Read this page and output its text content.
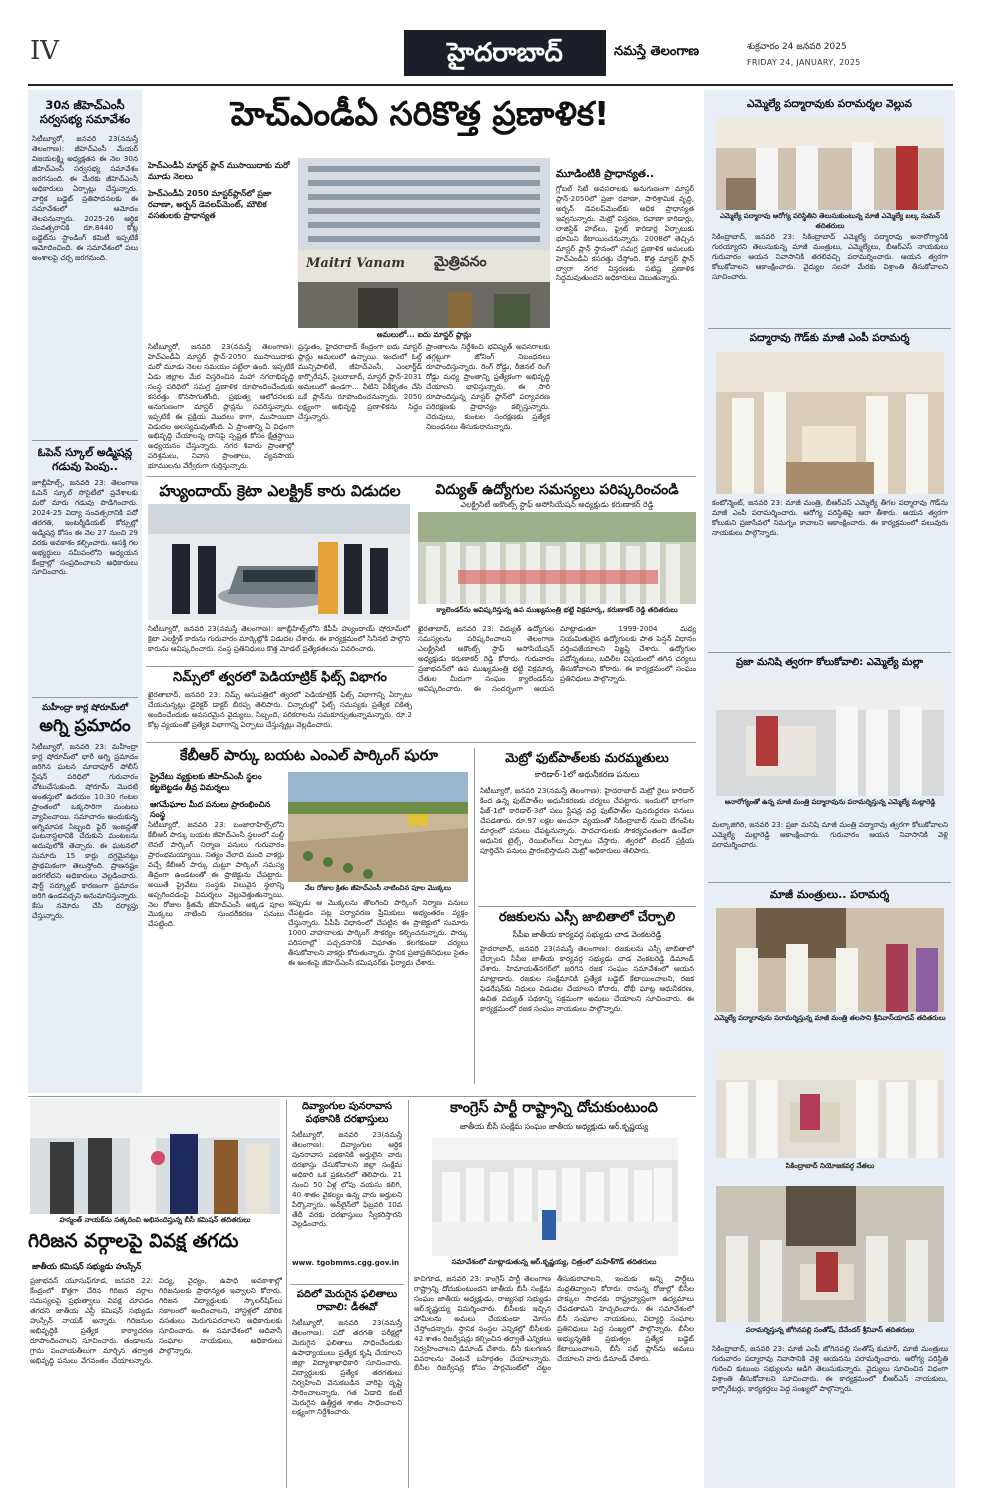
IV	హైదరాబాద్	నమస్తే తెలంగాణ	శుక్రవారం 24 జనవరి 2025
FRIDAY 24, JANUARY, 2025
30న జీహెచ్‌ఎంసీ సర్వసభ్య సమావేశం
సిటీబ్యూరో, జనవరి 23(నమస్తే తెలంగాణ): జీహెచ్‌ఎంసీ మేయర్ విజయలక్ష్మి అధ్యక్షతన ఈ నెల 30న జీహెచ్‌ఎంసీ సర్వసభ్య సమావేశం జరగనుంది. ఈ మేరకు జీహెచ్‌ఎంసీ అధికారులు ఏర్పాట్లు చేస్తున్నారు. వార్షిక బడ్జెట్ ప్రతిపాదనలకు ఈ సమావేశంలో ఆమోదం తెలపనున్నారు. 2025-26 ఆర్థిక సంవత్సరానికి రూ.8440 కోట్ల బడ్జెట్‌ను స్టాండింగ్ కమిటీ ఇప్పటికే ఆమోదించింది. ఈ సమావేశంలో పలు అంశాలపై చర్చ జరగనుంది.
ఓపెన్ స్కూల్ అడ్మిషన్ల గడువు పెంపు..
జూబ్లీహిల్స్, జనవరి 23: తెలంగాణ ఓపెన్ స్కూల్ సొసైటీలో ప్రవేశాలకు మరో మారు గడువు పొడిగించారు. 2024-25 విద్యా సంవత్సరానికి పదో తరగతి, ఇంటర్మీడియట్ కోర్సుల్లో అడ్మిషన్ల కోసం ఈ నెల 27 నుంచి 29 వరకు అవకాశం కల్పించారు. ఆసక్తి గల అభ్యర్థులు సమీపంలోని అధ్యయన కేంద్రాల్లో సంప్రదించాలని అధికారులు సూచించారు.
మహీంద్రా కార్ల షోరూమ్‌లో
అగ్ని ప్రమాదం
సిటీబ్యూరో, జనవరి 23: మహీంద్రా కార్ల షోరూమ్‌లో భారీ అగ్ని ప్రమాదం జరిగిన ఘటన మాదాపూర్ పోలీస్ స్టేషన్ పరిధిలో గురువారం చోటుచేసుకుంది. షోరూమ్ మొదటి అంతస్తులో ఉదయం 10.30 గంటల ప్రాంతంలో ఒక్కసారిగా మంటలు వ్యాపించాయి. సమాచారం అందుకున్న అగ్నిమాపక సిబ్బంది ఫైర్ ఇంజన్లతో ఘటనాస్థలానికి చేరుకుని మంటలను అదుపులోకి తెచ్చారు. ఈ ఘటనలో సుమారు 15 కార్లు దగ్ధమైనట్లు ప్రాథమికంగా తెలుస్తోంది. ప్రాణనష్టం జరగలేదని అధికారులు వెల్లడించారు. షార్ట్ సర్క్యూట్ కారణంగా ప్రమాదం జరిగి ఉండవచ్చని అనుమానిస్తున్నారు. కేసు నమోదు చేసి దర్యాప్తు చేస్తున్నారు.
హెచ్‌ఎండీఏ సరికొత్త ప్రణాళిక!
హెచ్‌ఎండీఏ మాస్టర్ ప్లాన్ ముసాయిదాకు మరో మూడు నెలలు
హెచ్‌ఎండీఏ 2050 మాస్టర్‌ప్లాన్‌లో ప్రజా రవాణా, అర్బన్ డెవలప్‌మెంట్, మౌలిక వసతులకు ప్రాధాన్యత
Maitri Vanam మైత్రివనం
అమలులో... ఐదు మాస్టర్ ప్లాన్లు
సిటీబ్యూరో, జనవరి 23(నమస్తే తెలంగాణ): హెచ్‌ఎండీఏ మాస్టర్ ప్లాన్-2050 ముసాయిదాకు మరో మూడు నెలల సమయం పట్టేలా ఉంది. ఇప్పటికే ఏడు జిల్లాల మేర విస్తరించిన మహా నగరాభివృద్ధి సంస్థ పరిధిలో సమగ్ర ప్రణాళిక రూపొందించేందుకు కసరత్తు కొనసాగుతోంది. ప్రభుత్వ ఆలోచనలకు అనుగుణంగా మాస్టర్ ప్లాన్లను సవరిస్తున్నారు. ఇప్పటికే ఈ ప్రక్రియ మొదలు కాగా, ముసాయిదా విడుదల ఆలస్యమవుతోంది. ఏ ప్రాంతాన్ని ఏ విధంగా అభివృద్ధి చేయాలన్న దానిపై స్పష్టత కోసం క్షేత్రస్థాయి అధ్యయనం చేస్తున్నారు. నగర శివారు ప్రాంతాల్లో పరిశ్రమలు, నివాస ప్రాంతాలు, వ్యవసాయ భూములను వేర్వేరుగా గుర్తిస్తున్నారు.
ప్రస్తుతం, హైదరాబాద్ కేంద్రంగా ఐదు మాస్టర్ ప్లాన్లు అమలులో ఉన్నాయి. ఇందులో ఓల్డ్ మున్సిపాలిటీ, జీహెచ్‌ఎంసీ, ఎంలార్జ్‌డ్ కార్పొరేషన్, సైబరాబాద్, మాస్టర్ ప్లాన్-2031 అమలులో ఉండగా... వీటిని ఏకీకృతం చేసి ఒకే ప్లాన్‌ను రూపొందించనున్నారు. 2050 లక్ష్యంగా అభివృద్ధి ప్రణాళికను సిద్ధం చేస్తున్నారు.
ప్రాంతాలను నిర్దేశించి భవిష్యత్ అవసరాలకు తగ్గట్టుగా జోనింగ్ నిబంధనలు రూపొందిస్తున్నారు. రింగ్ రోడ్డు, రీజినల్ రింగ్ రోడ్డు మధ్య ప్రాంతాన్ని ప్రత్యేకంగా అభివృద్ధి చేయాలని భావిస్తున్నారు. ఈ సారి రూపొందిస్తున్న మాస్టర్ ప్లాన్‌లో పర్యావరణ పరిరక్షణకు ప్రాధాన్యం కల్పిస్తున్నారు. చెరువులు, కుంటల సంరక్షణకు ప్రత్యేక నిబంధనలు తీసుకురానున్నారు.
మూడింటికి ప్రాధాన్యత..
గ్లోబల్ సిటీ అవసరాలకు అనుగుణంగా మాస్టర్ ప్లాన్-2050లో ప్రజా రవాణా, పారిశ్రామిక వృద్ధి, అర్బన్ డెవలప్‌మెంట్‌కు అధిక ప్రాధాన్యత ఇవ్వనున్నారు. మెట్రో విస్తరణ, రవాణా కారిడార్లు, లాజిస్టిక్ హబ్‌లు, ఫ్రైట్ కారిడార్ల ఏర్పాటుకు భూమిని కేటాయించనున్నారు. 2008లో తెచ్చిన మాస్టర్ ప్లాన్ స్థానంలో సమగ్ర ప్రణాళిక అమలుకు హెచ్‌ఎండీఏ కసరత్తు చేస్తోంది. కొత్త మాస్టర్ ప్లాన్ ద్వారా నగర విస్తరణకు పటిష్ట ప్రణాళిక సిద్ధమవుతుందని అధికారులు చెబుతున్నారు.
హ్యుందాయ్ క్రెటా ఎలక్ట్రిక్ కారు విడుదల
సిటీబ్యూరో, జనవరి 23(నమస్తే తెలంగాణ): జూబ్లీహిల్స్‌లోని కేపీపీ హ్యుందాయ్ షోరూమ్‌లో క్రెటా ఎలక్ట్రిక్ కారును గురువారం మార్కెట్లోకి విడుదల చేశారు. ఈ కార్యక్రమంలో సినీనటి పాల్గొని కారును ఆవిష్కరించారు. సంస్థ ప్రతినిధులు కొత్త మోడల్ ప్రత్యేకతలను వివరించారు.
విద్యుత్ ఉద్యోగుల సమస్యలు పరిష్కరించండి
ఎలక్ట్రిసిటీ అకౌంట్స్ స్టాఫ్ అసోసియేషన్ అధ్యక్షుడు కరుణాకర్ రెడ్డి
క్యాలెండర్‌ను ఆవిష్కరిస్తున్న ఉప ముఖ్యమంత్రి భట్టి విక్రమార్క, కరుణాకర్ రెడ్డి తదితరులు
ఖైరతాబాద్, జనవరి 23: విద్యుత్ ఉద్యోగుల సమస్యలను పరిష్కరించాలని తెలంగాణ ఎలక్ట్రిసిటీ అకౌంట్స్ స్టాఫ్ అసోసియేషన్ అధ్యక్షుడు కరుణాకర్ రెడ్డి కోరారు. గురువారం ప్రజాభవన్‌లో ఉప ముఖ్యమంత్రి భట్టి విక్రమార్క చేతుల మీదుగా సంఘం క్యాలెండర్‌ను ఆవిష్కరించారు. ఈ సందర్భంగా ఆయన మాట్లాడుతూ 1999-2004 మధ్య నియమితులైన ఉద్యోగులకు పాత పెన్షన్ విధానం వర్తింపజేయాలని విజ్ఞప్తి చేశారు. ఉద్యోగుల పదోన్నతులు, బదిలీల విషయంలో తగిన చర్యలు తీసుకోవాలని కోరారు. ఈ కార్యక్రమంలో సంఘం ప్రతినిధులు పాల్గొన్నారు.
నిమ్స్‌లో త్వరలో పెడియాట్రిక్ ఫిట్స్ విభాగం
ఖైరతాబాద్, జనవరి 23: నిమ్స్ ఆసుపత్రిలో త్వరలో పెడియాట్రిక్ ఫిట్స్ విభాగాన్ని ఏర్పాటు చేయనున్నట్లు డైరెక్టర్ డాక్టర్ బీరప్ప తెలిపారు. చిన్నారుల్లో ఫిట్స్ సమస్యకు ప్రత్యేక చికిత్స అందించేందుకు అవసరమైన వైద్యులు, సిబ్బంది, పరికరాలను సమకూర్చుతున్నామన్నారు. రూ.2 కోట్ల వ్యయంతో ప్రత్యేక విభాగాన్ని ఏర్పాటు చేస్తున్నట్లు వెల్లడించారు.
కేబీఆర్ పార్కు బయట ఎంఎల్ పార్కింగ్ షురూ
ప్రైవేటు వ్యక్తులకు జీహెచ్‌ఎంసీ స్థలం కట్టబెట్టడం తీవ్ర విమర్శలు
ఆగమేఘాల మీద పనులు ప్రారంభించిన సంస్థ
నేల రోజుల క్రితం జీహెచ్‌ఎంసీ నాటించిన పూల మొక్కలు
సిటీబ్యూరో, జనవరి 23: బంజారాహిల్స్‌లోని కేబీఆర్ పార్కు బయట జీహెచ్‌ఎంసీ స్థలంలో మల్టీ లెవల్ పార్కింగ్ నిర్మాణ పనులు గురువారం ప్రారంభమయ్యాయి. నిత్యం వేలాది మంది వాకర్లు వచ్చే కేబీఆర్ పార్కు చుట్టూ పార్కింగ్ సమస్య తీవ్రంగా ఉండటంతో ఈ ప్రాజెక్టును చేపట్టారు. అయితే ప్రైవేటు సంస్థకు విలువైన స్థలాన్ని అప్పగించడంపై విమర్శలు వెల్లువెత్తుతున్నాయి. నెల రోజుల క్రితమే జీహెచ్‌ఎంసీ అక్కడ పూల మొక్కలు నాటించి సుందరీకరణ పనులు చేపట్టింది.
ఇప్పుడు ఆ మొక్కలను తొలగించి పార్కింగ్ నిర్మాణ పనులు చేపట్టడం పట్ల పర్యావరణ ప్రేమికులు అభ్యంతరం వ్యక్తం చేస్తున్నారు. పీపీపీ విధానంలో చేపట్టిన ఈ ప్రాజెక్టులో సుమారు 1000 వాహనాలకు పార్కింగ్ సౌకర్యం కల్పించనున్నారు. పార్కు పరిసరాల్లో పచ్చదనానికి విఘాతం కలగకుండా చర్యలు తీసుకోవాలని వాకర్లు కోరుతున్నారు. స్థానిక ప్రజాప్రతినిధులు సైతం ఈ అంశంపై జీహెచ్‌ఎంసీ కమిషనర్‌కు ఫిర్యాదు చేశారు.
మెట్రో ఫుట్‌పాత్‌లకు మరమ్మతులు
కారిడార్-1లో అధునీకరణ పనులు
సిటీబ్యూరో, జనవరి 23(నమస్తే తెలంగాణ): హైదరాబాద్ మెట్రో రైలు కారిడార్ కింద ఉన్న ఫుట్‌పాత్‌ల అధునీకరణకు చర్యలు చేపట్టారు. ఇందులో భాగంగా ఫేజ్-1లో కారిడార్-3లో పలు స్టేషన్ల వద్ద ఫుట్‌పాత్‌ల పునరుద్ధరణ పనులు చేపడతారు. రూ.97 లక్షల అంచనా వ్యయంతో సికింద్రాబాద్ నుంచి బేగంపేట మార్గంలో పనులు చేపట్టనున్నారు. పాదచారులకు సౌకర్యవంతంగా ఉండేలా ఆధునిక టైల్స్, రెయిలింగ్‌లు ఏర్పాటు చేస్తారు. త్వరలో టెండర్ ప్రక్రియ పూర్తిచేసి పనులు ప్రారంభిస్తామని మెట్రో అధికారులు తెలిపారు.
రజకులను ఎస్సీ జాబితాలో చేర్చాలి
సీపీఐ జాతీయ కార్యవర్గ సభ్యుడు చాడ వెంకటరెడ్డి
హైదరాబాద్, జనవరి 23(నమస్తే తెలంగాణ): రజకులను ఎస్సీ జాబితాలో చేర్చాలని సీపీఐ జాతీయ కార్యవర్గ సభ్యుడు చాడ వెంకటరెడ్డి డిమాండ్ చేశారు. హిమాయత్‌నగర్‌లో జరిగిన రజక సంఘం సమావేశంలో ఆయన మాట్లాడారు. రజకుల సంక్షేమానికి ప్రత్యేక బడ్జెట్ కేటాయించాలని, రజక ఫెడరేషన్‌కు నిధులు విడుదల చేయాలని కోరారు. దోభీ ఘాట్ల ఆధునీకరణ, ఉచిత విద్యుత్ పథకాన్ని సక్రమంగా అమలు చేయాలని సూచించారు. ఈ కార్యక్రమంలో రజక సంఘం నాయకులు పాల్గొన్నారు.
హన్మంత్ నాయక్‌ను సత్కరించి అభినందిస్తున్న బీసీ కమిషన్ తదితరులు
గిరిజన వర్గాలపై వివక్ష తగదు
జాతీయ కమిషన్ సభ్యుడు హుస్సేన్
ప్రజాభవన్ యూసుఫ్‌గూడ, జనవరి 22: కేంద్రంలో కొత్తగా చేరిన గిరిజన వర్గాల సమస్యలపై ప్రభుత్వాలు వివక్ష చూపడం తగదని జాతీయ ఎస్టీ కమిషన్ సభ్యుడు హుస్సేన్ నాయక్ అన్నారు. గిరిజనుల అభివృద్ధికి ప్రత్యేక కార్యాచరణ రూపొందించాలని సూచించారు. తండాలను గ్రామ పంచాయతీలుగా మార్చిన తర్వాత అభివృద్ధి పనులు వేగవంతం చేయాలన్నారు. విద్య, వైద్యం, ఉపాధి అవకాశాల్లో గిరిజనులకు ప్రాధాన్యత ఇవ్వాలని కోరారు. గిరిజన విద్యార్థులకు స్కాలర్‌షిప్‌లు సకాలంలో అందించాలని, హాస్టళ్లలో మౌలిక వసతులు మెరుగుపరచాలని అధికారులకు సూచించారు. ఈ సమావేశంలో ఆదివాసీ సంఘాల నాయకులు, అధికారులు పాల్గొన్నారు.
దివ్యాంగుల పునరావాస పథకానికి దరఖాస్తులు
సిటీబ్యూరో, జనవరి 23(నమస్తే తెలంగాణ): దివ్యాంగుల ఆర్థిక పునరావాస పథకానికి అర్హులైన వారు దరఖాస్తు చేసుకోవాలని జిల్లా సంక్షేమ అధికారి ఒక ప్రకటనలో తెలిపారు. 21 నుంచి 50 ఏళ్ల లోపు వయసు కలిగి, 40 శాతం వైకల్యం ఉన్న వారు అర్హులని పేర్కొన్నారు. ఆన్‌లైన్‌లో ఫిబ్రవరి 10వ తేదీ వరకు దరఖాస్తులు స్వీకరిస్తారని వెల్లడించారు.
www. tgobmms.cgg.gov.in
పదిలో మెరుగైన ఫలితాలు రావాలి: డీఈవో
సిటీబ్యూరో, జనవరి 23(నమస్తే తెలంగాణ): పదో తరగతి పరీక్షల్లో మెరుగైన ఫలితాలు సాధించేందుకు ఉపాధ్యాయులు ప్రత్యేక కృషి చేయాలని జిల్లా విద్యాశాఖాధికారి సూచించారు. విద్యార్థులకు ప్రత్యేక తరగతులు నిర్వహించి వెనుకబడిన వారిపై దృష్టి సారించాలన్నారు. గత ఏడాది కంటే మెరుగైన ఉత్తీర్ణత శాతం సాధించాలని లక్ష్యంగా నిర్దేశించారు.
కాంగ్రెస్ పార్టీ రాష్ట్రాన్ని దోచుకుంటుంది
జాతీయ బీసీ సంక్షేమ సంఘం జాతీయ అధ్యక్షుడు ఆర్.కృష్ణయ్య
సమావేశంలో మాట్లాడుతున్న ఆర్.కృష్ణయ్య, చిత్రంలో మహేశ్‌గౌడ్ తదితరులు
కాచిగూడ, జనవరి 23: కాంగ్రెస్ పార్టీ తెలంగాణ రాష్ట్రాన్ని దోచుకుంటుందని జాతీయ బీసీ సంక్షేమ సంఘం జాతీయ అధ్యక్షుడు, రాజ్యసభ సభ్యుడు ఆర్.కృష్ణయ్య విమర్శించారు. బీసీలకు ఇచ్చిన హామీలను అమలు చేయకుండా మోసం చేస్తోందన్నారు. స్థానిక సంస్థల ఎన్నికల్లో బీసీలకు 42 శాతం రిజర్వేషన్లు కల్పించిన తర్వాతే ఎన్నికలు నిర్వహించాలని డిమాండ్ చేశారు. బీసీ కులగణన వివరాలను వెంటనే బహిర్గతం చేయాలన్నారు. బీసీల రిజర్వేషన్ల కోసం పార్లమెంట్‌లో చట్టం తీసుకురావాలని, ఇందుకు అన్ని పార్టీలు మద్దతివ్వాలని కోరారు. రానున్న రోజుల్లో బీసీల హక్కుల సాధనకు రాష్ట్రవ్యాప్తంగా ఉద్యమాలు చేపడతామని హెచ్చరించారు. ఈ సమావేశంలో బీసీ సంఘాల నాయకులు, విద్యార్థి సంఘాల ప్రతినిధులు పెద్ద సంఖ్యలో పాల్గొన్నారు. బీసీల అభ్యున్నతికి ప్రభుత్వం ప్రత్యేక బడ్జెట్ కేటాయించాలని, బీసీ సబ్ ప్లాన్‌ను అమలు చేయాలని వారు డిమాండ్ చేశారు.
ఎమ్మెల్యే పద్మారావుకు పరామర్శల వెల్లువ
ఎమ్మెల్యే పద్మారావు ఆరోగ్య పరిస్థితిని తెలుసుకుంటున్న మాజీ ఎమ్మెల్యే బల్క సుమన్ తదితరులు
సికింద్రాబాద్, జనవరి 23: సికింద్రాబాద్ ఎమ్మెల్యే పద్మారావు అనారోగ్యానికి గురయ్యారని తెలుసుకున్న మాజీ మంత్రులు, ఎమ్మెల్యేలు, బీఆర్‌ఎస్ నాయకులు గురువారం ఆయన నివాసానికి తరలివచ్చి పరామర్శించారు. ఆయన త్వరగా కోలుకోవాలని ఆకాంక్షించారు. వైద్యుల సలహా మేరకు విశ్రాంతి తీసుకోవాలని సూచించారు.
పద్మారావు గౌడ్‌కు మాజీ ఎంపీ పరామర్శ
కంటోన్మెంట్, జనవరి 23: మాజీ మంత్రి, బీఆర్‌ఎస్ ఎమ్మెల్యే తీగల పద్మారావు గౌడ్‌ను మాజీ ఎంపీ పరామర్శించారు. ఆరోగ్య పరిస్థితిపై ఆరా తీశారు. ఆయన త్వరగా కోలుకుని ప్రజాసేవలో నిమగ్నం కావాలని ఆకాంక్షించారు. ఈ కార్యక్రమంలో పలువురు నాయకులు పాల్గొన్నారు.
ప్రజా మనిషి త్వరగా కోలుకోవాలి: ఎమ్మెల్యే మల్లా
అనారోగ్యంతో ఉన్న మాజీ మంత్రి పద్మారావును పరామర్శిస్తున్న ఎమ్మెల్యే మల్లారెడ్డి
మల్కాజిగిరి, జనవరి 23: ప్రజా మనిషి మాజీ మంత్రి పద్మారావు త్వరగా కోలుకోవాలని ఎమ్మెల్యే మల్లారెడ్డి ఆకాంక్షించారు. గురువారం ఆయన నివాసానికి వెళ్లి పరామర్శించారు.
మాజీ మంత్రులు.. పరామర్శ
ఎమ్మెల్యే పద్మారావును పరామర్శిస్తున్న మాజీ మంత్రి తలసాని శ్రీనివాస్‌యాదవ్ తదితరులు
సికింద్రాబాద్ నియోజకవర్గ నేతలు
పరామర్శిస్తున్న జోగినపల్లి సంతోష్, దేవేందర్ శ్రీనివాస్ తదితరులు
సికింద్రాబాద్, జనవరి 23: మాజీ ఎంపీ జోగినపల్లి సంతోష్ కుమార్, మాజీ మంత్రులు గురువారం పద్మారావు నివాసానికి వెళ్లి ఆయనను పరామర్శించారు. ఆరోగ్య పరిస్థితి గురించి కుటుంబ సభ్యులను అడిగి తెలుసుకున్నారు. వైద్యులు సూచించిన విధంగా విశ్రాంతి తీసుకోవాలని సూచించారు. ఈ కార్యక్రమంలో బీఆర్‌ఎస్ నాయకులు, కార్పొరేటర్లు, కార్యకర్తలు పెద్ద సంఖ్యలో పాల్గొన్నారు.
